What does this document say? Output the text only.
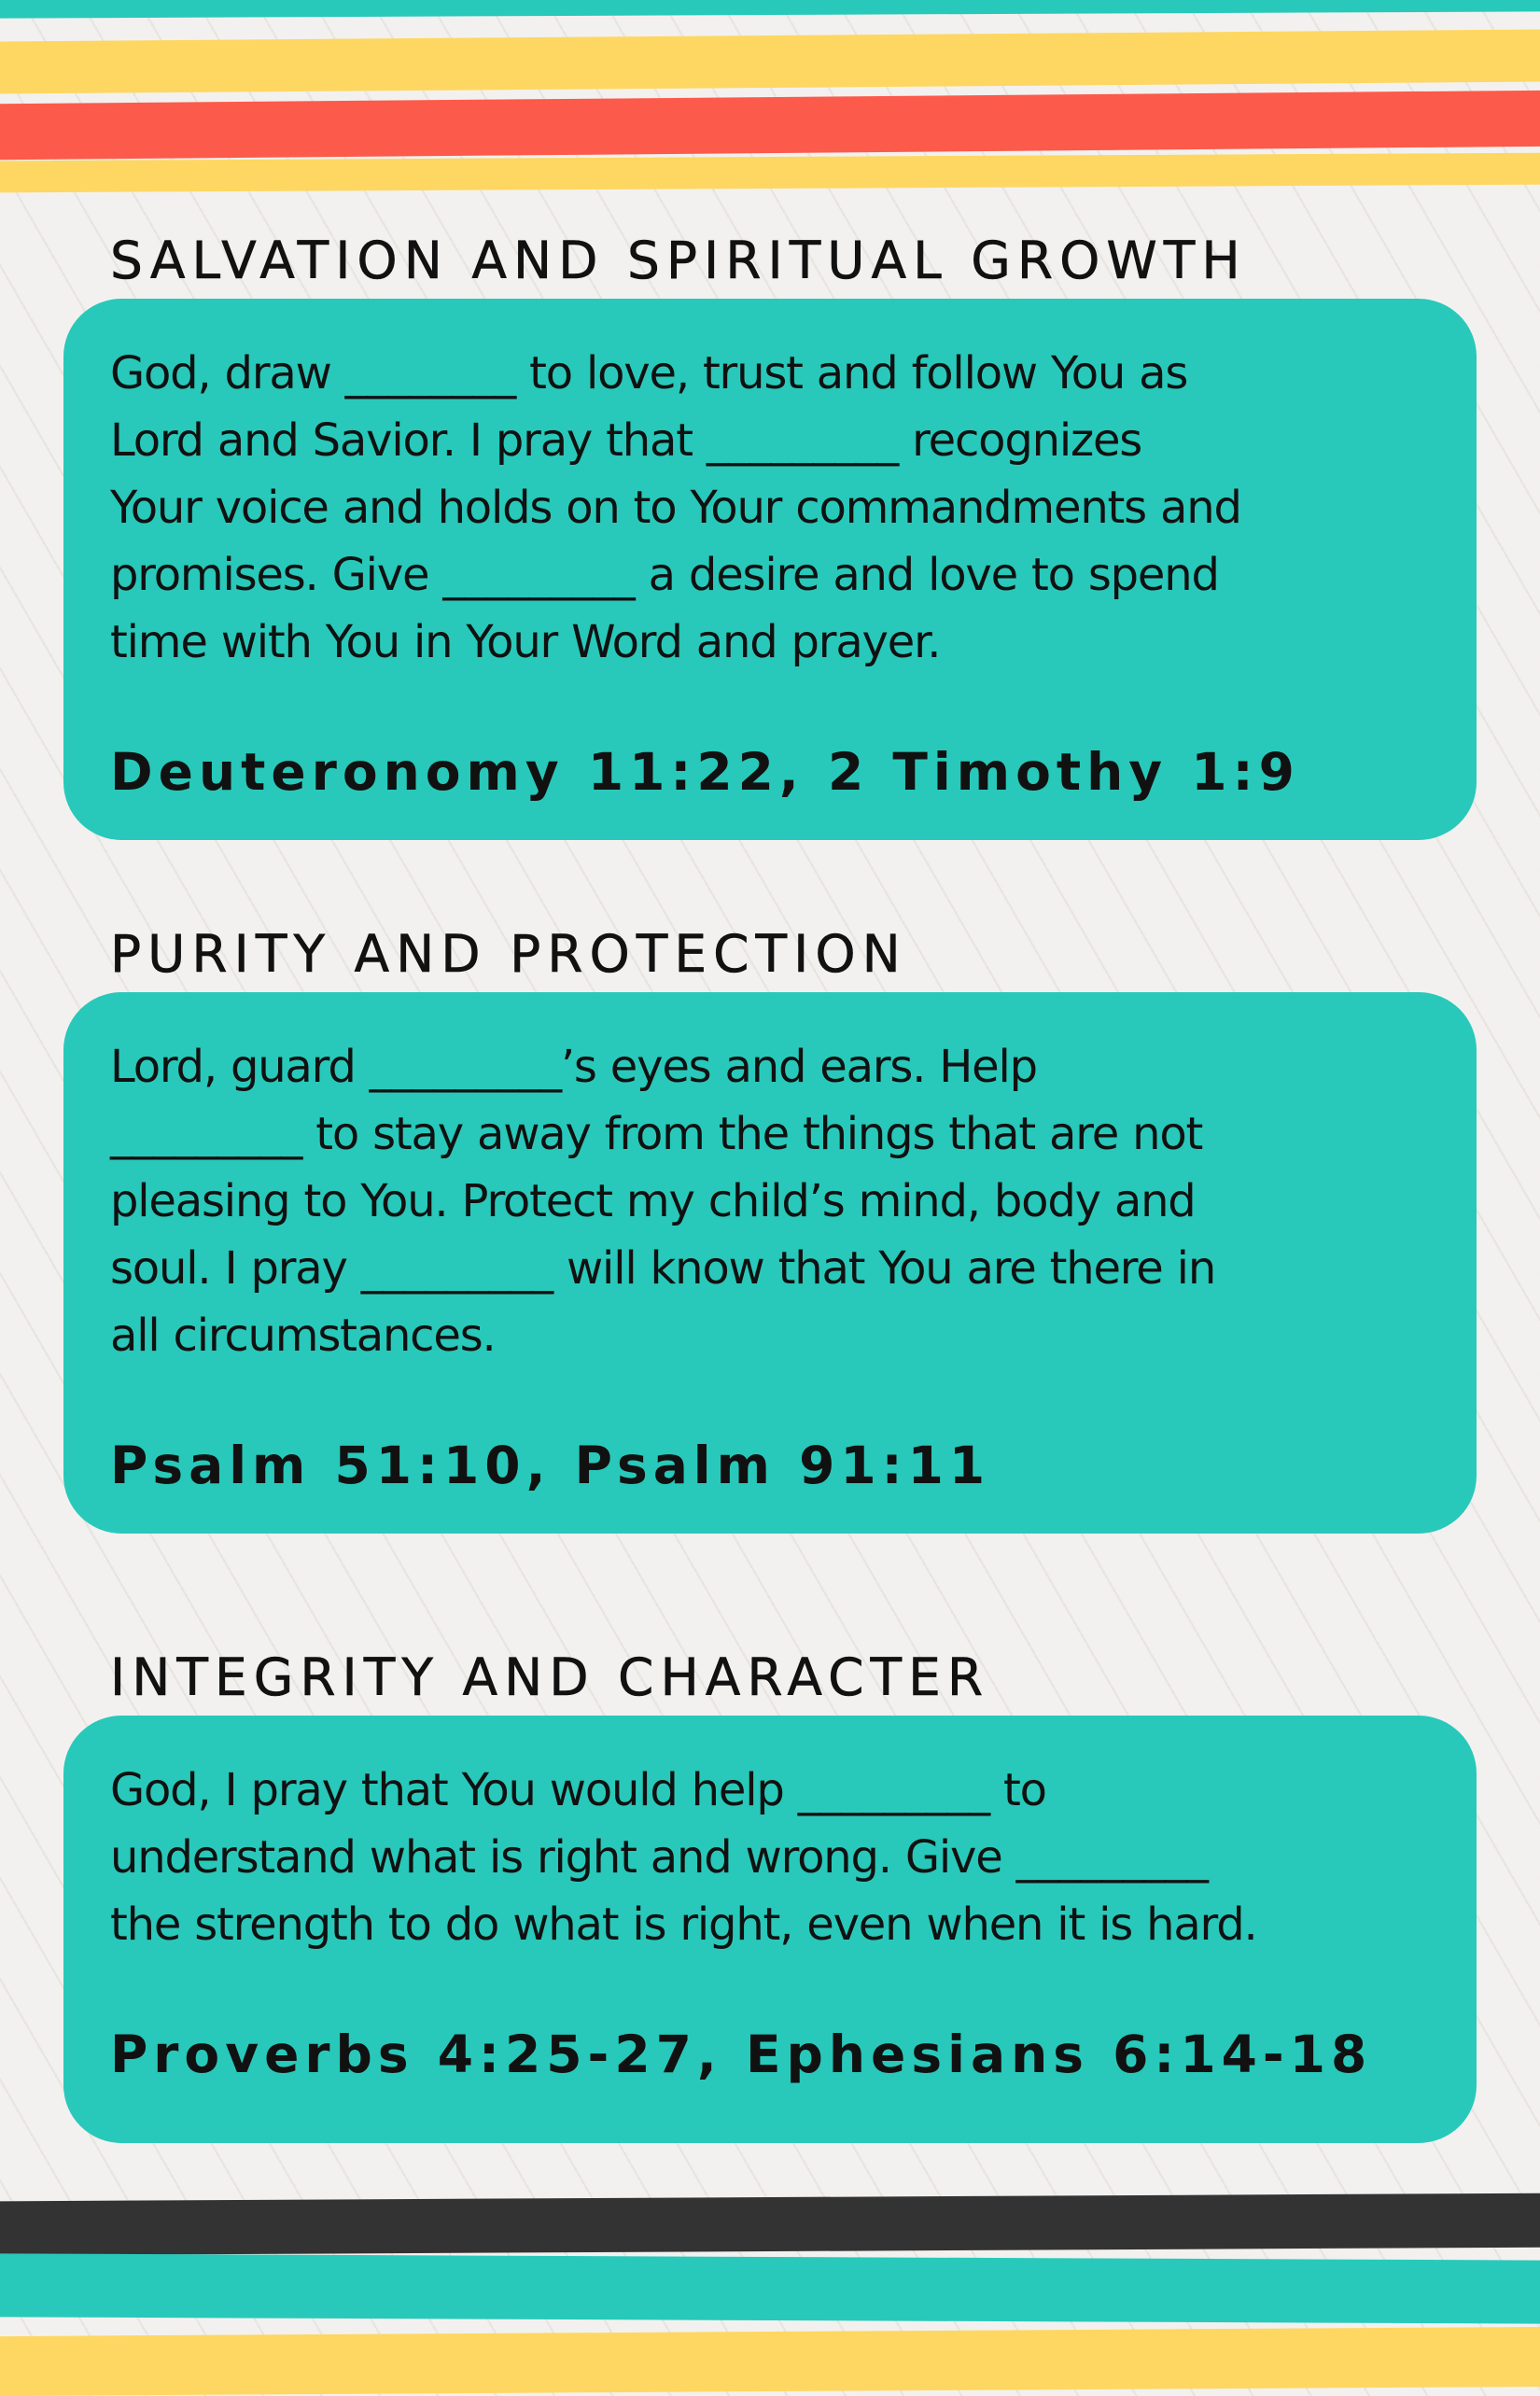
SALVATION AND SPIRITUAL GROWTH

God, draw ________ to love, trust and follow You as
Lord and Savior. I pray that _________ recognizes
Your voice and holds on to Your commandments and
promises. Give _________ a desire and love to spend
time with You in Your Word and prayer.

Deuteronomy 11:22, 2 Timothy 1:9

PURITY AND PROTECTION

Lord, guard _________’s eyes and ears. Help
_________ to stay away from the things that are not
pleasing to You. Protect my child’s mind, body and
soul. I pray _________ will know that You are there in
all circumstances.

Psalm 51:10, Psalm 91:11

INTEGRITY AND CHARACTER

God, I pray that You would help _________ to
understand what is right and wrong. Give _________
the strength to do what is right, even when it is hard.

Proverbs 4:25-27, Ephesians 6:14-18
